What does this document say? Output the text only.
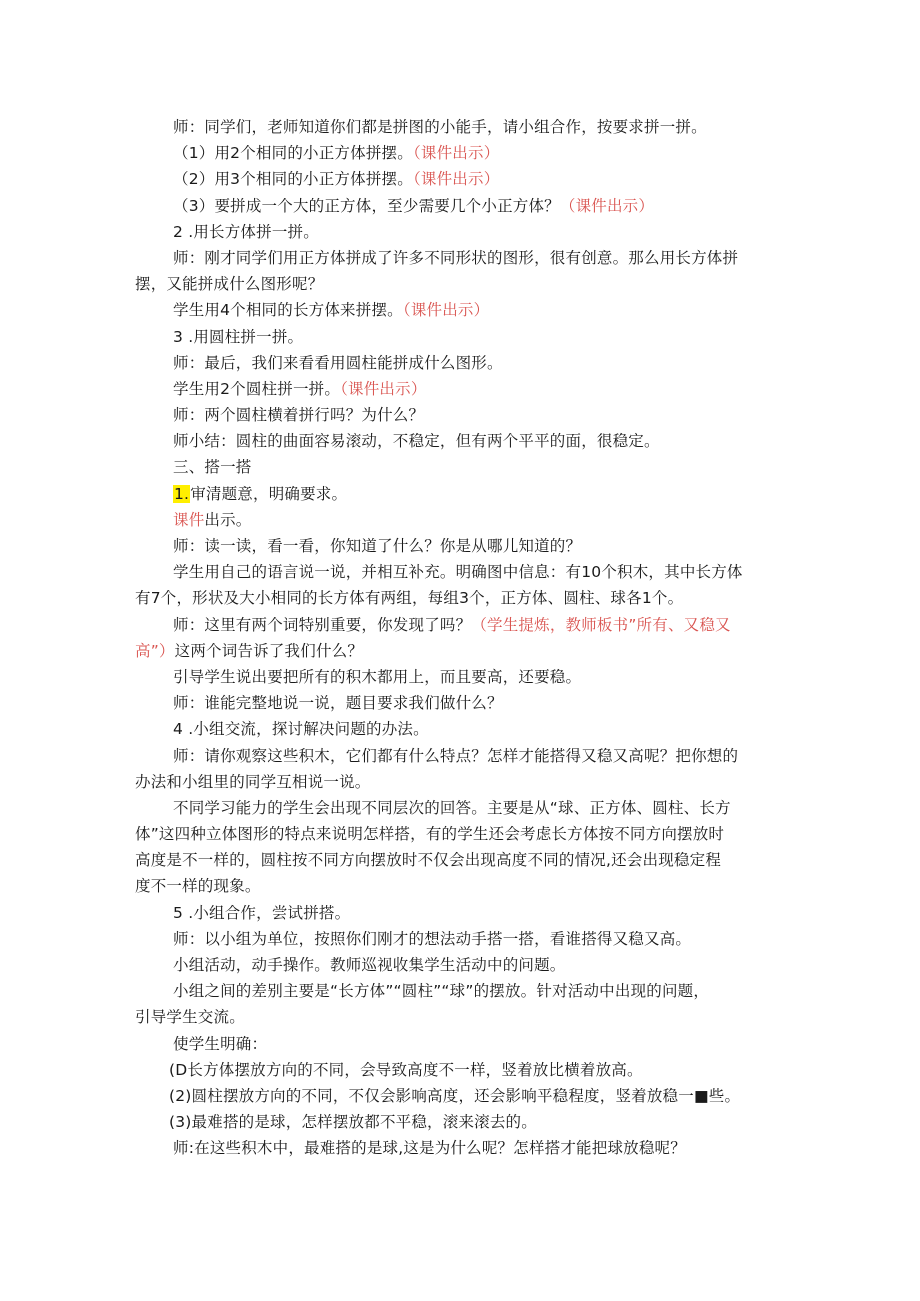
师：同学们，老师知道你们都是拼图的小能手，请小组合作，按要求拼一拼。
（1）用2个相同的小正方体拼摆。（课件出示）
（2）用3个相同的小正方体拼摆。（课件出示）
（3）要拼成一个大的正方体，至少需要几个小正方体？（课件出示）
2 .用长方体拼一拼。
师：刚才同学们用正方体拼成了许多不同形状的图形，很有创意。那么用长方体拼
摆，又能拼成什么图形呢？
学生用4个相同的长方体来拼摆。（课件出示）
3 .用圆柱拼一拼。
师：最后，我们来看看用圆柱能拼成什么图形。
学生用2个圆柱拼一拼。（课件出示）
师：两个圆柱横着拼行吗？为什么？
师小结：圆柱的曲面容易滚动，不稳定，但有两个平平的面，很稳定。
三、搭一搭
1.审清题意，明确要求。
课件出示。
师：读一读，看一看，你知道了什么？你是从哪儿知道的？
学生用自己的语言说一说，并相互补充。明确图中信息：有10个积木，其中长方体
有7个，形状及大小相同的长方体有两组，每组3个，正方体、圆柱、球各1个。
师：这里有两个词特别重要，你发现了吗？（学生提炼，教师板书”所有、又稳又
高”）这两个词告诉了我们什么？
引导学生说出要把所有的积木都用上，而且要高，还要稳。
师：谁能完整地说一说，题目要求我们做什么？
4 .小组交流，探讨解决问题的办法。
师：请你观察这些积木，它们都有什么特点？怎样才能搭得又稳又高呢？把你想的
办法和小组里的同学互相说一说。
不同学习能力的学生会出现不同层次的回答。主要是从“球、正方体、圆柱、长方
体”这四种立体图形的特点来说明怎样搭，有的学生还会考虑长方体按不同方向摆放时
高度是不一样的，圆柱按不同方向摆放时不仅会出现高度不同的情况,还会出现稳定程
度不一样的现象。
5 .小组合作，尝试拼搭。
师：以小组为单位，按照你们刚才的想法动手搭一搭，看谁搭得又稳又高。
小组活动，动手操作。教师巡视收集学生活动中的问题。
小组之间的差别主要是“长方体”“圆柱”“球”的摆放。针对活动中出现的问题，
引导学生交流。
使学生明确：
(D长方体摆放方向的不同，会导致高度不一样，竖着放比横着放高。
(2)圆柱摆放方向的不同，不仅会影响高度，还会影响平稳程度，竖着放稳一■些。
(3)最难搭的是球，怎样摆放都不平稳，滚来滚去的。
师:在这些积木中，最难搭的是球,这是为什么呢？怎样搭才能把球放稳呢？
